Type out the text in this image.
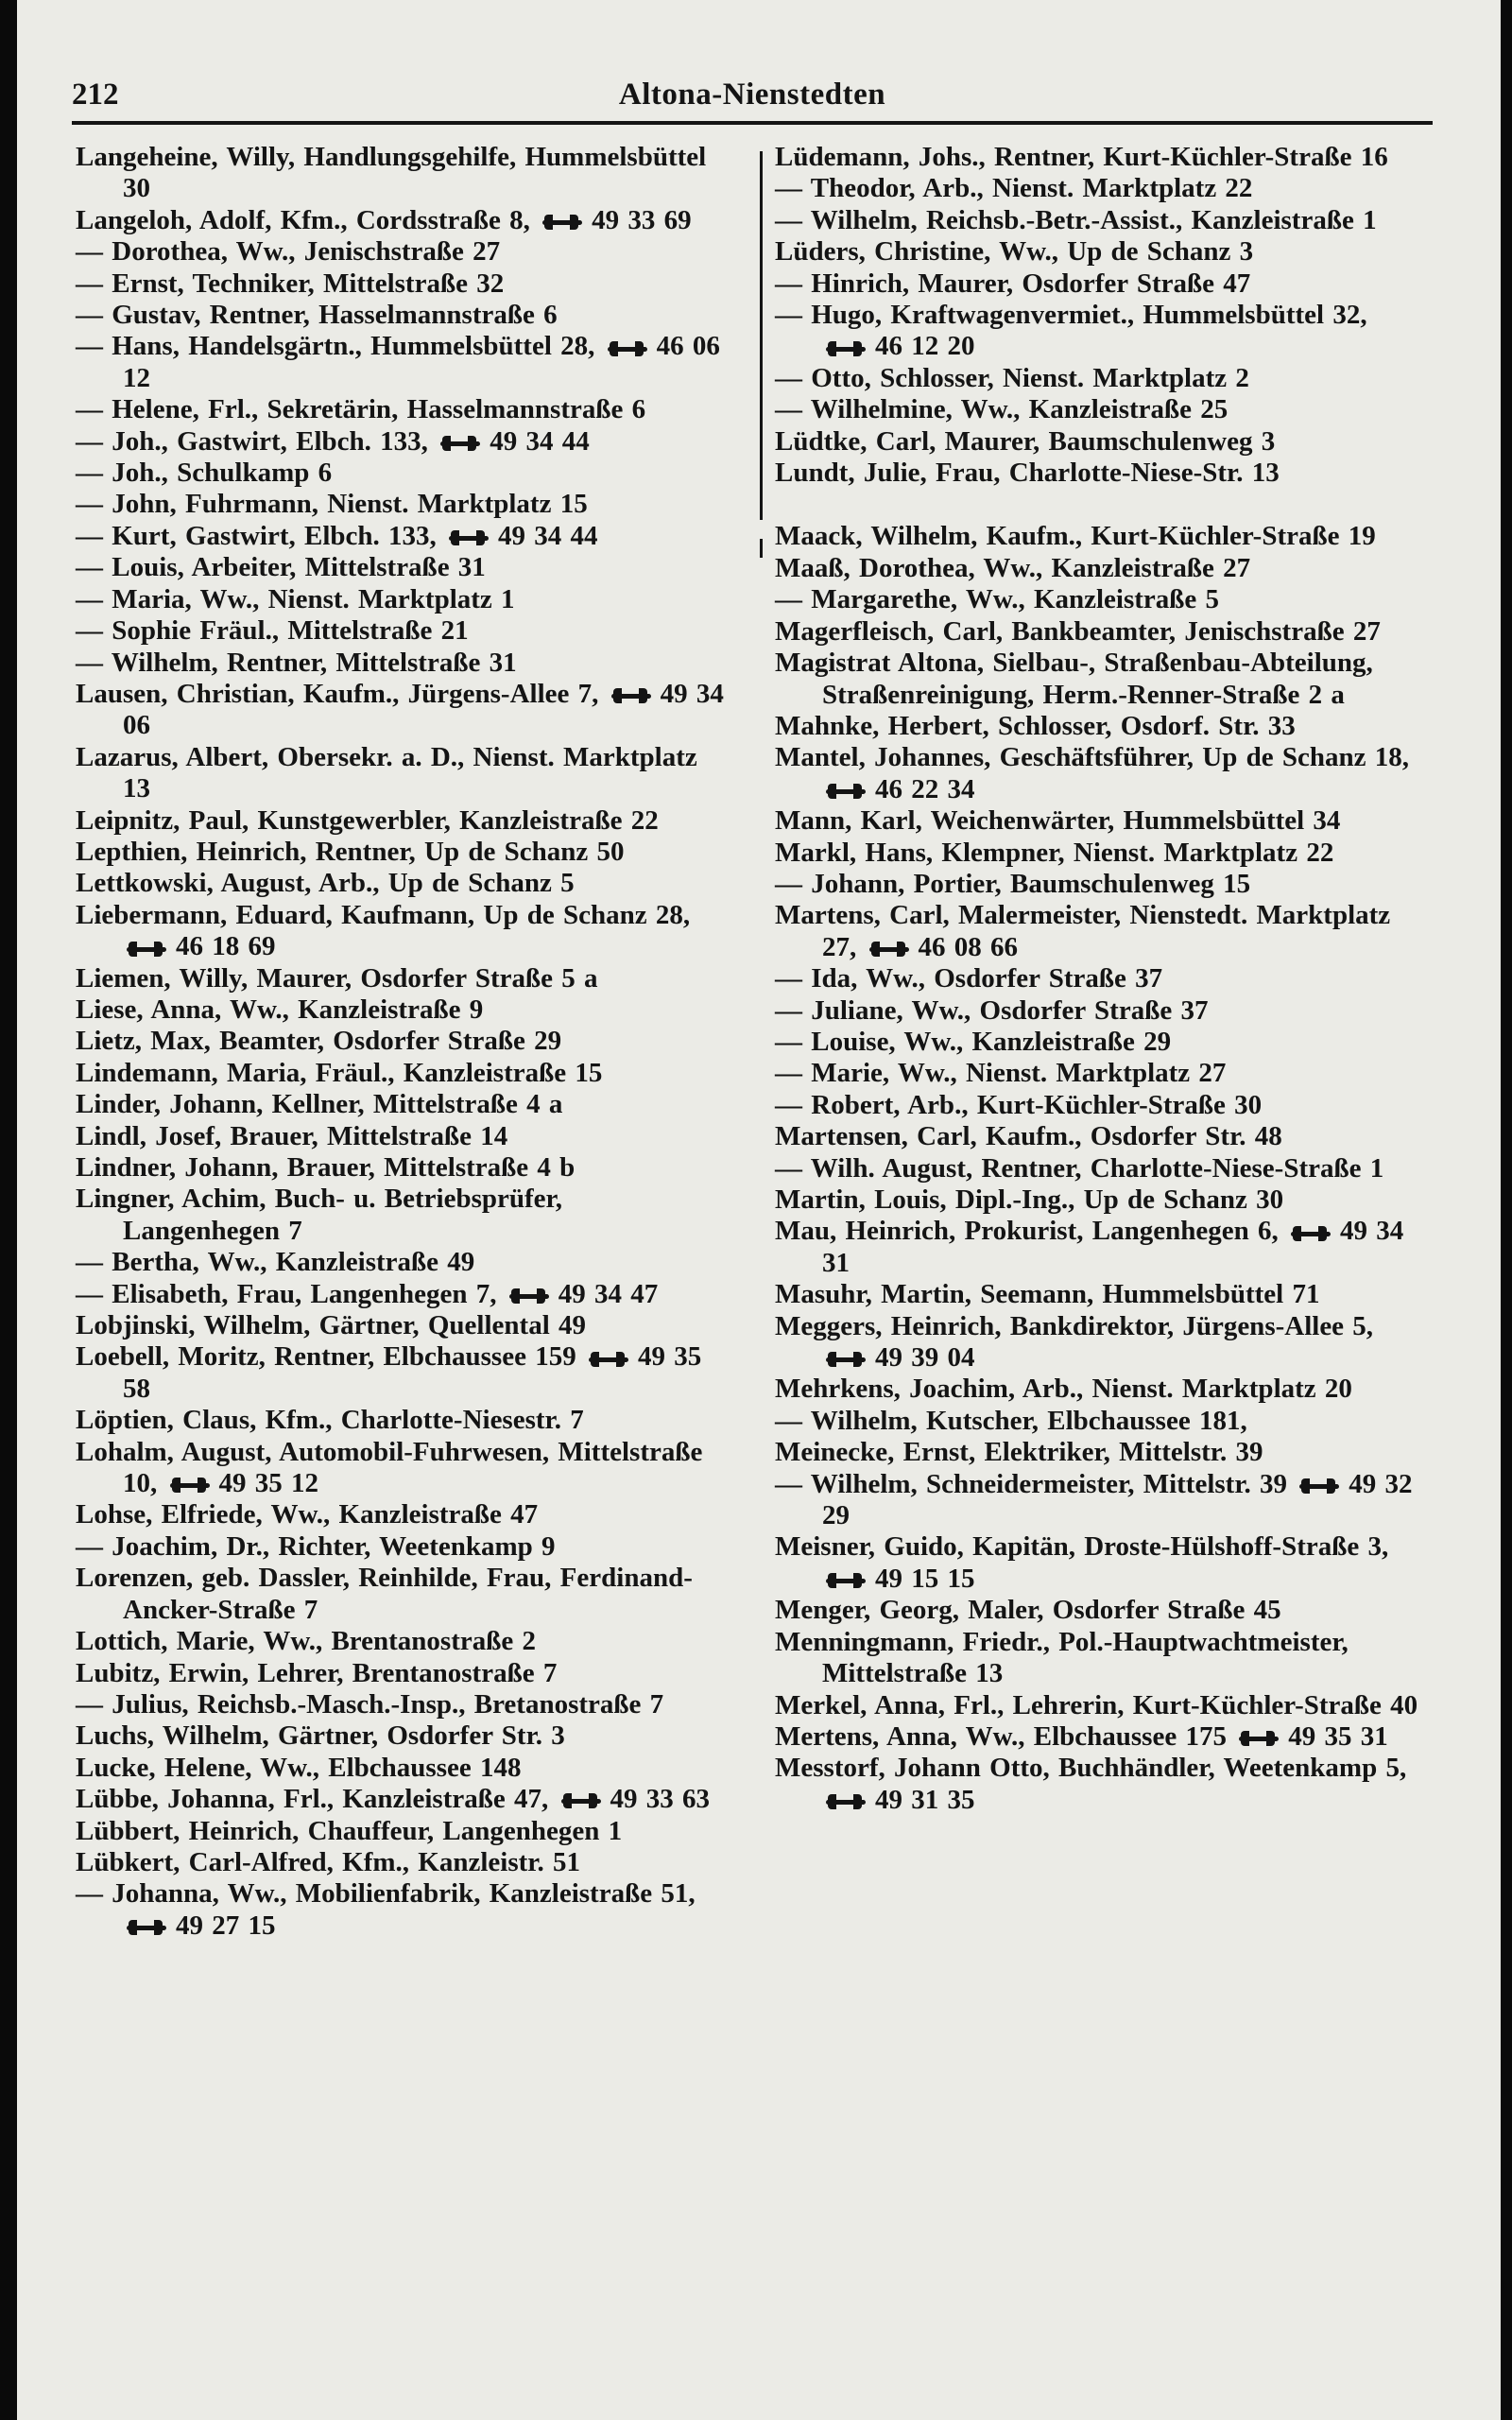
212	Altona-Nienstedten
Langeheine, Willy, Handlungsgehilfe, Hummelsbüttel 30
Langeloh, Adolf, Kfm., Cordsstraße 8, 49 33 69
— Dorothea, Ww., Jenischstraße 27
— Ernst, Techniker, Mittelstraße 32
— Gustav, Rentner, Hasselmannstraße 6
— Hans, Handelsgärtn., Hummelsbüttel 28, 46 06 12
— Helene, Frl., Sekretärin, Hasselmannstraße 6
— Joh., Gastwirt, Elbch. 133, 49 34 44
— Joh., Schulkamp 6
— John, Fuhrmann, Nienst. Marktplatz 15
— Kurt, Gastwirt, Elbch. 133, 49 34 44
— Louis, Arbeiter, Mittelstraße 31
— Maria, Ww., Nienst. Marktplatz 1
— Sophie Fräul., Mittelstraße 21
— Wilhelm, Rentner, Mittelstraße 31
Lausen, Christian, Kaufm., Jürgens-Allee 7, 49 34 06
Lazarus, Albert, Obersekr. a. D., Nienst. Marktplatz 13
Leipnitz, Paul, Kunstgewerbler, Kanzleistraße 22
Lepthien, Heinrich, Rentner, Up de Schanz 50
Lettkowski, August, Arb., Up de Schanz 5
Liebermann, Eduard, Kaufmann, Up de Schanz 28, 46 18 69
Liemen, Willy, Maurer, Osdorfer Straße 5 a
Liese, Anna, Ww., Kanzleistraße 9
Lietz, Max, Beamter, Osdorfer Straße 29
Lindemann, Maria, Fräul., Kanzleistraße 15
Linder, Johann, Kellner, Mittelstraße 4 a
Lindl, Josef, Brauer, Mittelstraße 14
Lindner, Johann, Brauer, Mittelstraße 4 b
Lingner, Achim, Buch- u. Betriebsprüfer, Langenhegen 7
— Bertha, Ww., Kanzleistraße 49
— Elisabeth, Frau, Langenhegen 7, 49 34 47
Lobjinski, Wilhelm, Gärtner, Quellental 49
Loebell, Moritz, Rentner, Elbchaussee 159 49 35 58
Löptien, Claus, Kfm., Charlotte-Niesestr. 7
Lohalm, August, Automobil-Fuhrwesen, Mittelstraße 10, 49 35 12
Lohse, Elfriede, Ww., Kanzleistraße 47
— Joachim, Dr., Richter, Weetenkamp 9
Lorenzen, geb. Dassler, Reinhilde, Frau, Ferdinand-Ancker-Straße 7
Lottich, Marie, Ww., Brentanostraße 2
Lubitz, Erwin, Lehrer, Brentanostraße 7
— Julius, Reichsb.-Masch.-Insp., Bretanostraße 7
Luchs, Wilhelm, Gärtner, Osdorfer Str. 3
Lucke, Helene, Ww., Elbchaussee 148
Lübbe, Johanna, Frl., Kanzleistraße 47, 49 33 63
Lübbert, Heinrich, Chauffeur, Langenhegen 1
Lübkert, Carl-Alfred, Kfm., Kanzleistr. 51
— Johanna, Ww., Mobilienfabrik, Kanzleistraße 51, 49 27 15
Lüdemann, Johs., Rentner, Kurt-Küchler-Straße 16
— Theodor, Arb., Nienst. Marktplatz 22
— Wilhelm, Reichsb.-Betr.-Assist., Kanzleistraße 1
Lüders, Christine, Ww., Up de Schanz 3
— Hinrich, Maurer, Osdorfer Straße 47
— Hugo, Kraftwagenvermiet., Hummelsbüttel 32, 46 12 20
— Otto, Schlosser, Nienst. Marktplatz 2
— Wilhelmine, Ww., Kanzleistraße 25
Lüdtke, Carl, Maurer, Baumschulenweg 3
Lundt, Julie, Frau, Charlotte-Niese-Str. 13
Maack, Wilhelm, Kaufm., Kurt-Küchler-Straße 19
Maaß, Dorothea, Ww., Kanzleistraße 27
— Margarethe, Ww., Kanzleistraße 5
Magerfleisch, Carl, Bankbeamter, Jenischstraße 27
Magistrat Altona, Sielbau-, Straßenbau-Abteilung, Straßenreinigung, Herm.-Renner-Straße 2 a
Mahnke, Herbert, Schlosser, Osdorf. Str. 33
Mantel, Johannes, Geschäftsführer, Up de Schanz 18, 46 22 34
Mann, Karl, Weichenwärter, Hummelsbüttel 34
Markl, Hans, Klempner, Nienst. Marktplatz 22
— Johann, Portier, Baumschulenweg 15
Martens, Carl, Malermeister, Nienstedt. Marktplatz 27, 46 08 66
— Ida, Ww., Osdorfer Straße 37
— Juliane, Ww., Osdorfer Straße 37
— Louise, Ww., Kanzleistraße 29
— Marie, Ww., Nienst. Marktplatz 27
— Robert, Arb., Kurt-Küchler-Straße 30
Martensen, Carl, Kaufm., Osdorfer Str. 48
— Wilh. August, Rentner, Charlotte-Niese-Straße 1
Martin, Louis, Dipl.-Ing., Up de Schanz 30
Mau, Heinrich, Prokurist, Langenhegen 6, 49 34 31
Masuhr, Martin, Seemann, Hummelsbüttel 71
Meggers, Heinrich, Bankdirektor, Jürgens-Allee 5, 49 39 04
Mehrkens, Joachim, Arb., Nienst. Marktplatz 20
— Wilhelm, Kutscher, Elbchaussee 181,
Meinecke, Ernst, Elektriker, Mittelstr. 39
— Wilhelm, Schneidermeister, Mittelstr. 39 49 32 29
Meisner, Guido, Kapitän, Droste-Hülshoff-Straße 3, 49 15 15
Menger, Georg, Maler, Osdorfer Straße 45
Menningmann, Friedr., Pol.-Hauptwachtmeister, Mittelstraße 13
Merkel, Anna, Frl., Lehrerin, Kurt-Küchler-Straße 40
Mertens, Anna, Ww., Elbchaussee 175 49 35 31
Messtorf, Johann Otto, Buchhändler, Weetenkamp 5, 49 31 35
